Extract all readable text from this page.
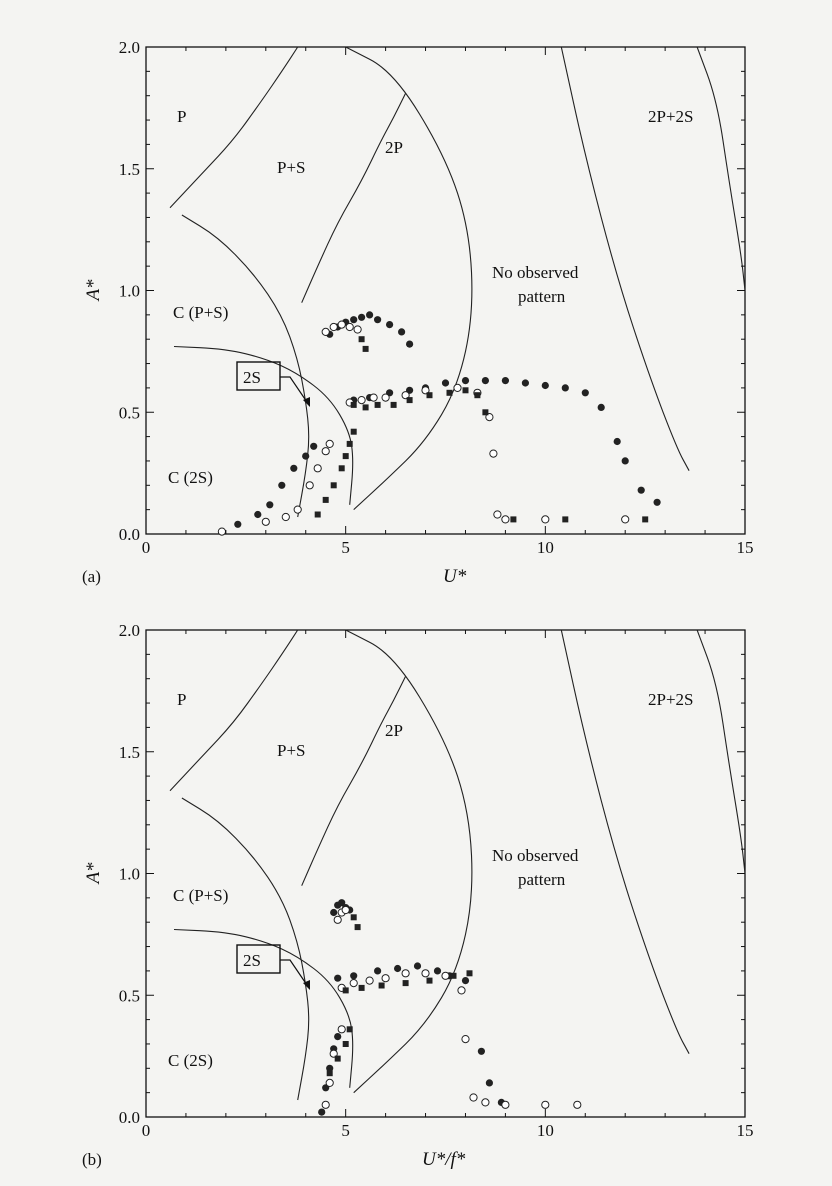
0	5	10	15
0.0
0.5
1.0
1.5
2.0
P
P+S
2P
2P+2S
No observed
pattern
C (P+S)
2S
C (2S)
U*
A*
(a)
0	5	10	15
0.0
0.5
1.0
1.5
2.0
P
P+S
2P
2P+2S
No observed
pattern
C (P+S)
2S
C (2S)
U*/f*
A*
(b)
